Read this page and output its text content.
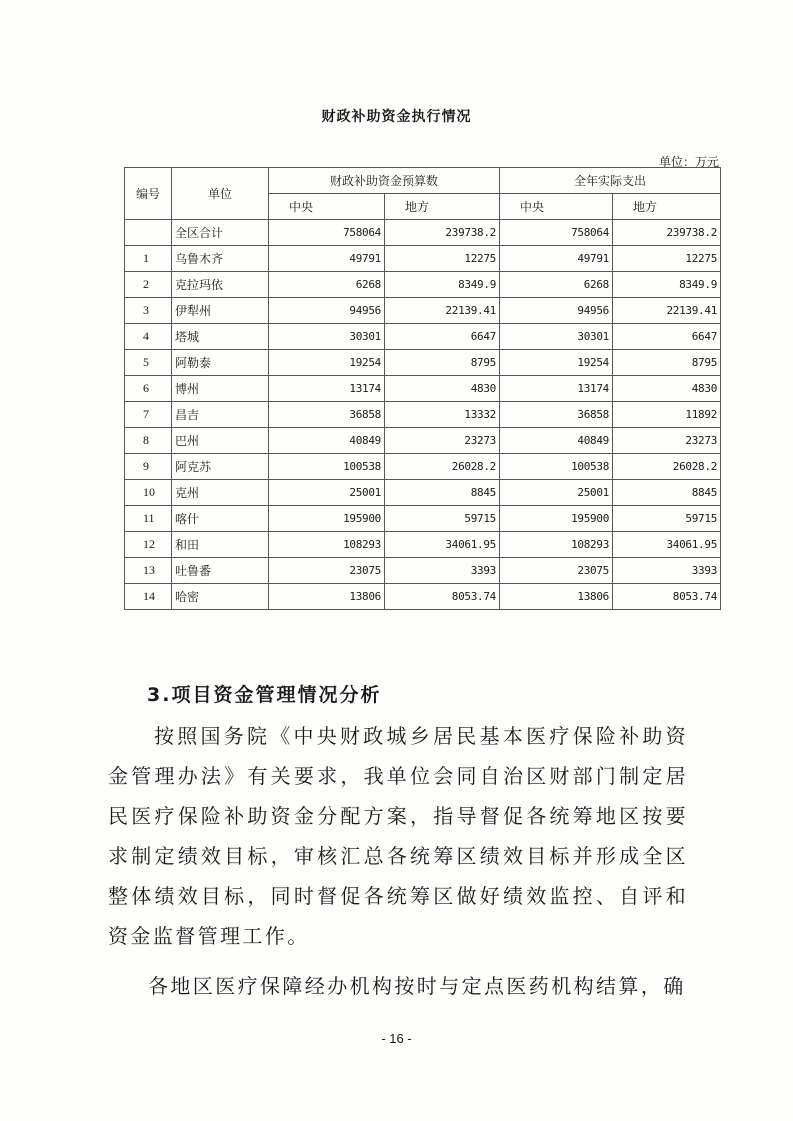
财政补助资金执行情况
单位：万元
编号	单位	财政补助资金预算数		全年实际支出	
		中央	地方	中央	地方
	全区合计	758064	239738.2	758064	239738.2
1	乌鲁木齐	49791	12275	49791	12275
2	克拉玛依	6268	8349.9	6268	8349.9
3	伊犁州	94956	22139.41	94956	22139.41
4	塔城	30301	6647	30301	6647
5	阿勒泰	19254	8795	19254	8795
6	博州	13174	4830	13174	4830
7	昌吉	36858	13332	36858	11892
8	巴州	40849	23273	40849	23273
9	阿克苏	100538	26028.2	100538	26028.2
10	克州	25001	8845	25001	8845
11	喀什	195900	59715	195900	59715
12	和田	108293	34061.95	108293	34061.95
13	吐鲁番	23075	3393	23075	3393
14	哈密	13806	8053.74	13806	8053.74
3.项目资金管理情况分析
按照国务院《中央财政城乡居民基本医疗保险补助资金管理办法》有关要求，我单位会同自治区财部门制定居民医疗保险补助资金分配方案，指导督促各统筹地区按要求制定绩效目标，审核汇总各统筹区绩效目标并形成全区整体绩效目标，同时督促各统筹区做好绩效监控、自评和资金监督管理工作。
各地区医疗保障经办机构按时与定点医药机构结算，确
- 16 -
